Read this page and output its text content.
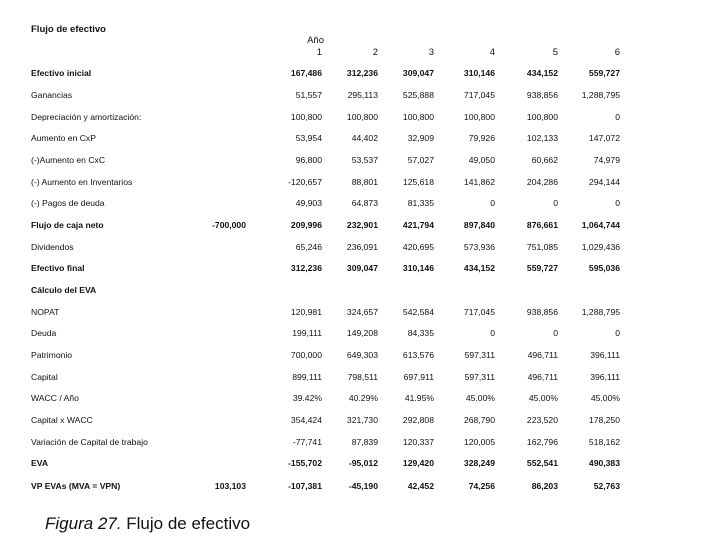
Flujo de efectivo
Año
1	2	3	4	5	6
Efectivo inicial	167,486	312,236	309,047	310,146	434,152	559,727
Ganancias	51,557	295,113	525,888	717,045	938,856	1,288,795
Depreciación y amortización:	100,800	100,800	100,800	100,800	100,800	0
Aumento en CxP	53,954	44,402	32,909	79,926	102,133	147,072
(-)Aumento en CxC	96,800	53,537	57,027	49,050	60,662	74,979
(-) Aumento en Inventarios	-120,657	88,801	125,618	141,862	204,286	294,144
(-) Pagos de deuda	49,903	64,873	81,335	0	0	0
Flujo de caja neto	-700,000	209,996	232,901	421,794	897,840	876,661	1,064,744
Dividendos	65,246	236,091	420,695	573,936	751,085	1,029,436
Efectivo final	312,236	309,047	310,146	434,152	559,727	595,036
Cálculo del EVA
NOPAT	120,981	324,657	542,584	717,045	938,856	1,288,795
Deuda	199,111	149,208	84,335	0	0	0
Patrimonio	700,000	649,303	613,576	597,311	496,711	396,111
Capital	899,111	798,511	697,911	597,311	496,711	396,111
WACC / Año	39.42%	40.29%	41.95%	45.00%	45.00%	45.00%
Capital x WACC	354,424	321,730	292,808	268,790	223,520	178,250
Variación de Capital de trabajo	-77,741	87,839	120,337	120,005	162,796	518,162
EVA	-155,702	-95,012	129,420	328,249	552,541	490,383
VP EVAs (MVA = VPN)	103,103	-107,381	-45,190	42,452	74,256	86,203	52,763
Figura 27. Flujo de efectivo
